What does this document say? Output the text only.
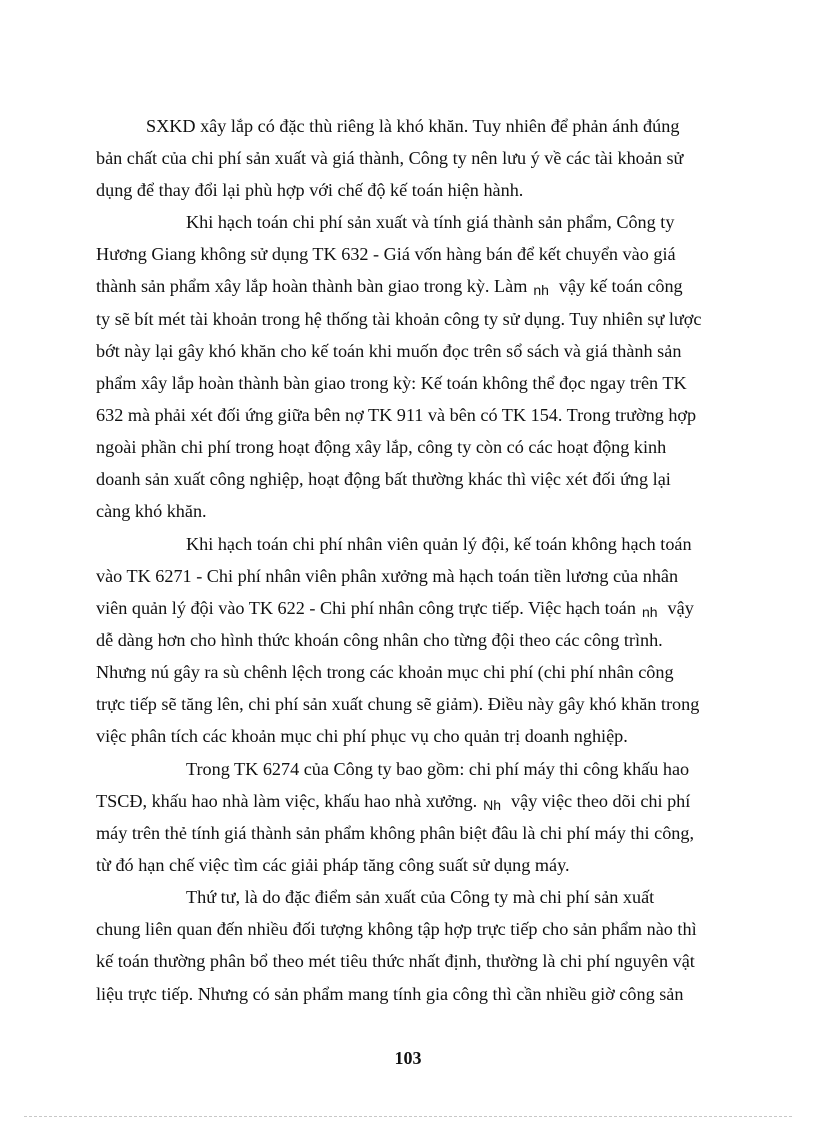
SXKD xây lắp có đặc thù riêng là khó khăn. Tuy nhiên để phản ánh đúng
bản chất của chi phí sản xuất và giá thành, Công ty nên lưu ý về các tài khoản sử
dụng để thay đổi lại phù hợp với chế độ kế toán hiện hành.
Khi hạch toán chi phí sản xuất và tính giá thành sản phẩm, Công ty
Hương Giang không sử dụng TK 632 - Giá vốn hàng bán để kết chuyển vào giá
thành sản phẩm xây lắp hoàn thành bàn giao trong kỳ. Làm nh vậy kế toán công
ty sẽ bít mét tài khoản trong hệ thống tài khoản công ty sử dụng. Tuy nhiên sự lược
bớt này lại gây khó khăn cho kế toán khi muốn đọc trên sổ sách và giá thành sản
phẩm xây lắp hoàn thành bàn giao trong kỳ: Kế toán không thể đọc ngay trên TK
632 mà phải xét đối ứng giữa bên nợ TK 911 và bên có TK 154. Trong trường hợp
ngoài phần chi phí trong hoạt động xây lắp, công ty còn có các hoạt động kinh
doanh sản xuất công nghiệp, hoạt động bất thường khác thì việc xét đối ứng lại
càng khó khăn.
Khi hạch toán chi phí nhân viên quản lý đội, kế toán không hạch toán
vào TK 6271 - Chi phí nhân viên phân xưởng mà hạch toán tiền lương của nhân
viên quản lý đội vào TK 622 - Chi phí nhân công trực tiếp. Việc hạch toán nh vậy
dễ dàng hơn cho hình thức khoán công nhân cho từng đội theo các công trình.
Nhưng nú gây ra sù chênh lệch trong các khoản mục chi phí (chi phí nhân công
trực tiếp sẽ tăng lên, chi phí sản xuất chung sẽ giảm). Điều này gây khó khăn trong
việc phân tích các khoản mục chi phí phục vụ cho quản trị doanh nghiệp.
Trong TK 6274 của Công ty bao gồm: chi phí máy thi công khấu hao
TSCĐ, khấu hao nhà làm việc, khấu hao nhà xưởng. Nh vậy việc theo dõi chi phí
máy trên thẻ tính giá thành sản phẩm không phân biệt đâu là chi phí máy thi công,
từ đó hạn chế việc tìm các giải pháp tăng công suất sử dụng máy.
Thứ tư, là do đặc điểm sản xuất của Công ty mà chi phí sản xuất
chung liên quan đến nhiều đối tượng không tập hợp trực tiếp cho sản phẩm nào thì
kế toán thường phân bổ theo mét tiêu thức nhất định, thường là chi phí nguyên vật
liệu trực tiếp. Nhưng có sản phẩm mang tính gia công thì cần nhiều giờ công sản
103
